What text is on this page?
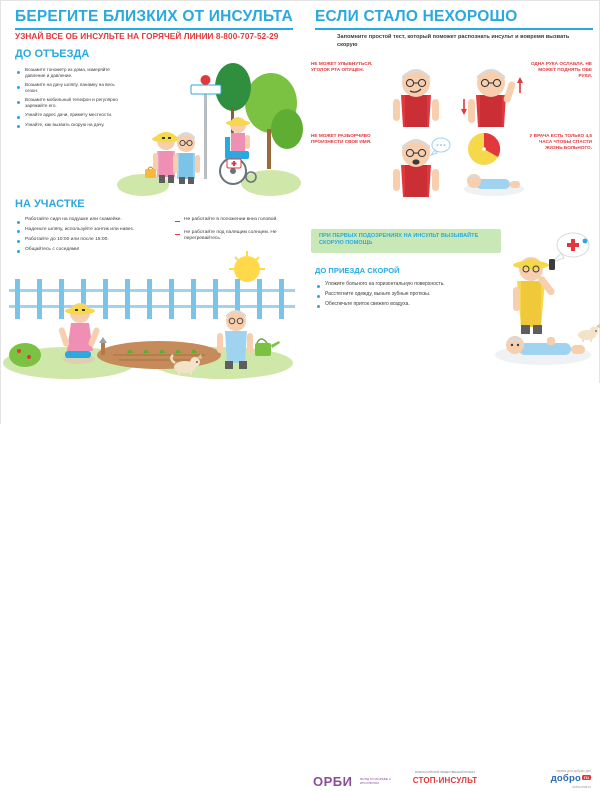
БЕРЕГИТЕ БЛИЗКИХ ОТ ИНСУЛЬТА
УЗНАЙ ВСЕ ОБ ИНСУЛЬТЕ НА ГОРЯЧЕЙ ЛИНИИ 8-800-707-52-29
ДО ОТЪЕЗДА
Возьмите тонометр из дома, измеряйте давление и давление.
Возьмите на дачу шляпу, панамку на весь сезон.
Возьмите мобильный телефон и регулярно заряжайте его.
Узнайте адрес дачи, примету местности.
Узнайте, как вызвать скорую на дачу.
НА УЧАСТКЕ
Работайте сидя на подушке или скамейке.
Наденьте шляпу, используйте зонтик или навес.
Работайте до 10:00 или после 15:00.
Общайтесь с соседями!
Не работайте в положении вниз головой.
Не работайте под палящим солнцем. Не перегревайтесь.
ЕСЛИ СТАЛО НЕХОРОШО
Запомните простой тест, который поможет распознать инсульт и вовремя вызвать скорую
НЕ МОЖЕТ УЛЫБНУТЬСЯ. УГОЛОК РТА ОПУЩЕН.
ОДНА РУКА ОСЛАБЛА. НЕ МОЖЕТ ПОДНЯТЬ ОБЕ РУКИ.
НЕ МОЖЕТ РАЗБОРЧИВО ПРОИЗНЕСТИ СВОЕ ИМЯ.
У ВРАЧА ЕСТЬ ТОЛЬКО 4,5 ЧАСА ЧТОБЫ СПАСТИ ЖИЗНЬ БОЛЬНОГО.
ПРИ ПЕРВЫХ ПОДОЗРЕНИЯХ НА ИНСУЛЬТ ВЫЗЫВАЙТЕ СКОРУЮ ПОМОЩЬ
ДО ПРИЕЗДА СКОРОЙ
Уложите больного на горизонтальную поверхность.
Расстегните одежду, выньте зубные протезы.
Обеспечьте приток свежего воздуха.
ОРБИ ФОНД ПО БОРЬБЕ С ИНСУЛЬТОМ
ВСЕРОССИЙСКИЙ ОБЩЕСТВЕННЫЙ ПРОЕКТ
СТОП-ИНСУЛЬТ
сервис для добрых дел
добро ru
dobro.mail.ru
